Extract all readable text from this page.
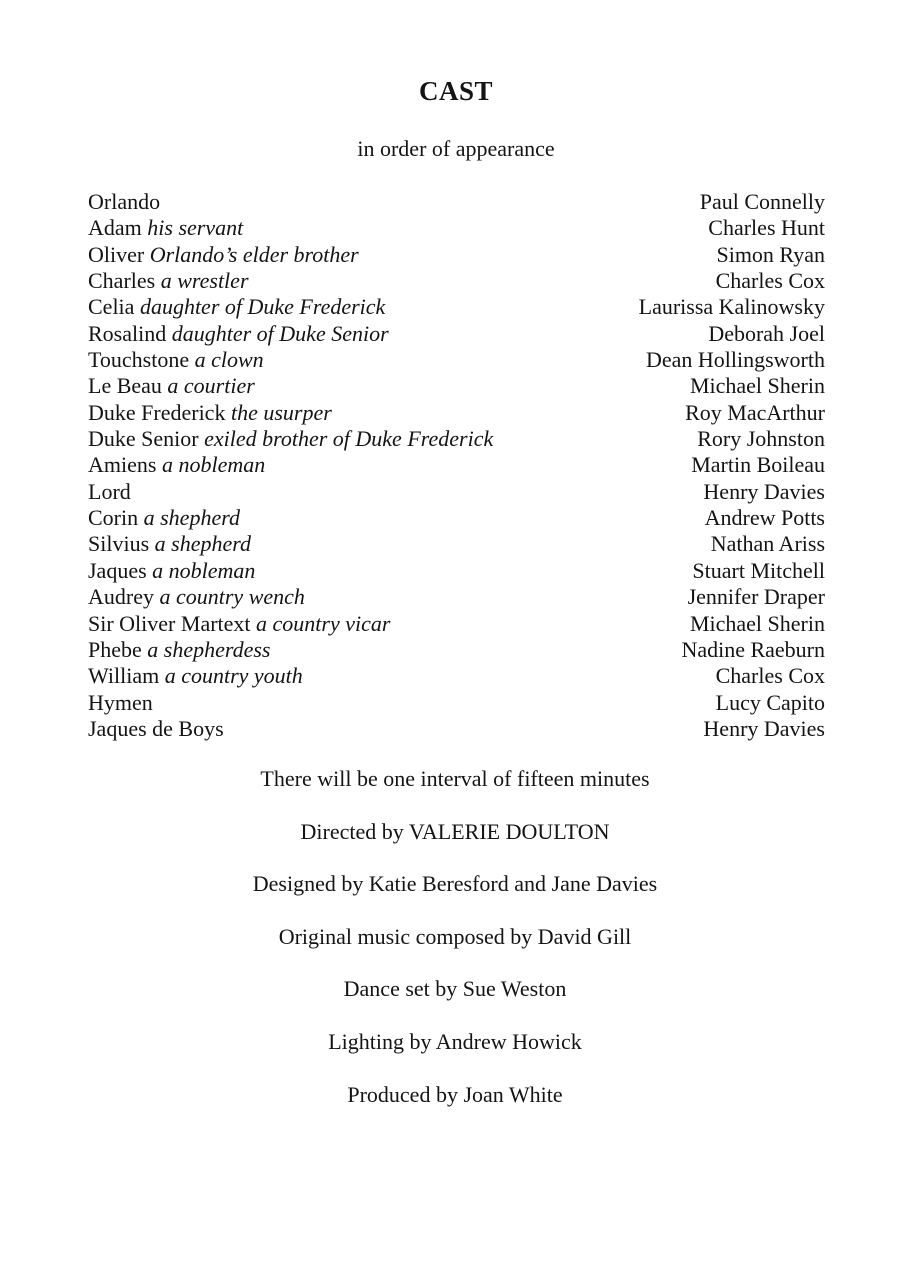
CAST
in order of appearance
Orlando	Paul Connelly
Adam his servant	Charles Hunt
Oliver Orlando’s elder brother	Simon Ryan
Charles a wrestler	Charles Cox
Celia daughter of Duke Frederick	Laurissa Kalinowsky
Rosalind daughter of Duke Senior	Deborah Joel
Touchstone a clown	Dean Hollingsworth
Le Beau a courtier	Michael Sherin
Duke Frederick the usurper	Roy MacArthur
Duke Senior exiled brother of Duke Frederick	Rory Johnston
Amiens a nobleman	Martin Boileau
Lord	Henry Davies
Corin a shepherd	Andrew Potts
Silvius a shepherd	Nathan Ariss
Jaques a nobleman	Stuart Mitchell
Audrey a country wench	Jennifer Draper
Sir Oliver Martext a country vicar	Michael Sherin
Phebe a shepherdess	Nadine Raeburn
William a country youth	Charles Cox
Hymen	Lucy Capito
Jaques de Boys	Henry Davies
There will be one interval of fifteen minutes
Directed by VALERIE DOULTON
Designed by Katie Beresford and Jane Davies
Original music composed by David Gill
Dance set by Sue Weston
Lighting by Andrew Howick
Produced by Joan White
